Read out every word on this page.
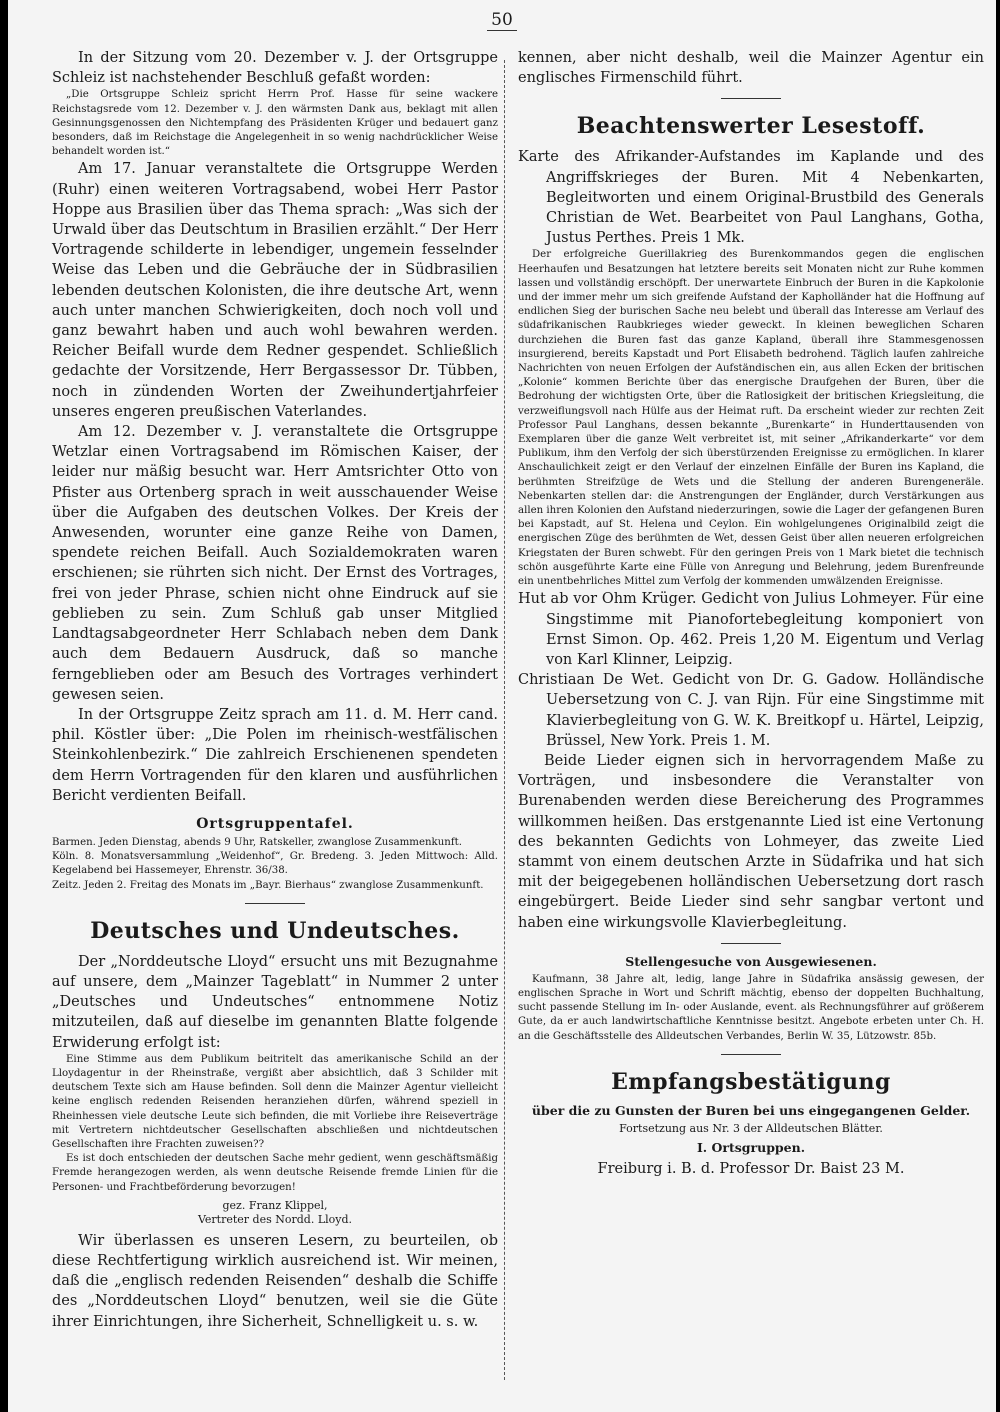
50

In der Sitzung vom 20. Dezember v. J. der Ortsgruppe Schleiz ist nachstehender Beschluß gefaßt worden:

„Die Ortsgruppe Schleiz spricht Herrn Prof. Hasse für seine wackere Reichstagsrede vom 12. Dezember v. J. den wärmsten Dank aus, beklagt mit allen Gesinnungsgenossen den Nichtempfang des Präsidenten Krüger und bedauert ganz besonders, daß im Reichstage die Angelegenheit in so wenig nachdrücklicher Weise behandelt worden ist.“

Am 17. Januar veranstaltete die Ortsgruppe Werden (Ruhr) einen weiteren Vortragsabend, wobei Herr Pastor Hoppe aus Brasilien über das Thema sprach: „Was sich der Urwald über das Deutschtum in Brasilien erzählt.“ Der Herr Vortragende schilderte in lebendiger, ungemein fesselnder Weise das Leben und die Gebräuche der in Südbrasilien lebenden deutschen Kolonisten, die ihre deutsche Art, wenn auch unter manchen Schwierigkeiten, doch noch voll und ganz bewahrt haben und auch wohl bewahren werden. Reicher Beifall wurde dem Redner gespendet. Schließlich gedachte der Vorsitzende, Herr Bergassessor Dr. Tübben, noch in zündenden Worten der Zweihundertjahrfeier unseres engeren preußischen Vaterlandes.

Am 12. Dezember v. J. veranstaltete die Ortsgruppe Wetzlar einen Vortragsabend im Römischen Kaiser, der leider nur mäßig besucht war. Herr Amtsrichter Otto von Pfister aus Ortenberg sprach in weit ausschauender Weise über die Aufgaben des deutschen Volkes. Der Kreis der Anwesenden, worunter eine ganze Reihe von Damen, spendete reichen Beifall. Auch Sozialdemokraten waren erschienen; sie rührten sich nicht. Der Ernst des Vortrages, frei von jeder Phrase, schien nicht ohne Eindruck auf sie geblieben zu sein. Zum Schluß gab unser Mitglied Landtagsabgeordneter Herr Schlabach neben dem Dank auch dem Bedauern Ausdruck, daß so manche ferngeblieben oder am Besuch des Vortrages verhindert gewesen seien.

In der Ortsgruppe Zeitz sprach am 11. d. M. Herr cand. phil. Köstler über: „Die Polen im rheinisch-westfälischen Steinkohlenbezirk.“ Die zahlreich Erschienenen spendeten dem Herrn Vortragenden für den klaren und ausführlichen Bericht verdienten Beifall.

Ortsgruppentafel.

Barmen. Jeden Dienstag, abends 9 Uhr, Ratskeller, zwanglose Zusammenkunft.

Köln. 8. Monatsversammlung „Weidenhof“, Gr. Bredeng. 3. Jeden Mittwoch: Alld. Kegelabend bei Hassemeyer, Ehrenstr. 36/38.

Zeitz. Jeden 2. Freitag des Monats im „Bayr. Bierhaus“ zwanglose Zusammenkunft.

Deutsches und Undeutsches.

Der „Norddeutsche Lloyd“ ersucht uns mit Bezugnahme auf unsere, dem „Mainzer Tageblatt“ in Nummer 2 unter „Deutsches und Undeutsches“ entnommene Notiz mitzuteilen, daß auf dieselbe im genannten Blatte folgende Erwiderung erfolgt ist:

Eine Stimme aus dem Publikum beitritelt das amerikanische Schild an der Lloydagentur in der Rheinstraße, vergißt aber absichtlich, daß 3 Schilder mit deutschem Texte sich am Hause befinden. Soll denn die Mainzer Agentur vielleicht keine englisch redenden Reisenden heranziehen dürfen, während speziell in Rheinhessen viele deutsche Leute sich befinden, die mit Vorliebe ihre Reiseverträge mit Vertretern nichtdeutscher Gesellschaften abschließen und nichtdeutschen Gesellschaften ihre Frachten zuweisen??

Es ist doch entschieden der deutschen Sache mehr gedient, wenn geschäftsmäßig Fremde herangezogen werden, als wenn deutsche Reisende fremde Linien für die Personen- und Frachtbeförderung bevorzugen!

gez. Franz Klippel,
Vertreter des Nordd. Lloyd.

Wir überlassen es unseren Lesern, zu beurteilen, ob diese Rechtfertigung wirklich ausreichend ist. Wir meinen, daß die „englisch redenden Reisenden“ deshalb die Schiffe des „Norddeutschen Lloyd“ benutzen, weil sie die Güte ihrer Einrichtungen, ihre Sicherheit, Schnelligkeit u. s. w.

kennen, aber nicht deshalb, weil die Mainzer Agentur ein englisches Firmenschild führt.

Beachtenswerter Lesestoff.

Karte des Afrikander-Aufstandes im Kaplande und des Angriffskrieges der Buren. Mit 4 Nebenkarten, Begleitworten und einem Original-Brustbild des Generals Christian de Wet. Bearbeitet von Paul Langhans, Gotha, Justus Perthes. Preis 1 Mk.

Der erfolgreiche Guerillakrieg des Burenkommandos gegen die englischen Heerhaufen und Besatzungen hat letztere bereits seit Monaten nicht zur Ruhe kommen lassen und vollständig erschöpft. Der unerwartete Einbruch der Buren in die Kapkolonie und der immer mehr um sich greifende Aufstand der Kapholländer hat die Hoffnung auf endlichen Sieg der burischen Sache neu belebt und überall das Interesse am Verlauf des südafrikanischen Raubkrieges wieder geweckt. In kleinen beweglichen Scharen durchziehen die Buren fast das ganze Kapland, überall ihre Stammesgenossen insurgierend, bereits Kapstadt und Port Elisabeth bedrohend. Täglich laufen zahlreiche Nachrichten von neuen Erfolgen der Aufständischen ein, aus allen Ecken der britischen „Kolonie“ kommen Berichte über das energische Draufgehen der Buren, über die Bedrohung der wichtigsten Orte, über die Ratlosigkeit der britischen Kriegsleitung, die verzweiflungsvoll nach Hülfe aus der Heimat ruft. Da erscheint wieder zur rechten Zeit Professor Paul Langhans, dessen bekannte „Burenkarte“ in Hunderttausenden von Exemplaren über die ganze Welt verbreitet ist, mit seiner „Afrikanderkarte“ vor dem Publikum, ihm den Verfolg der sich überstürzenden Ereignisse zu ermöglichen. In klarer Anschaulichkeit zeigt er den Verlauf der einzelnen Einfälle der Buren ins Kapland, die berühmten Streifzüge de Wets und die Stellung der anderen Burengeneräle. Nebenkarten stellen dar: die Anstrengungen der Engländer, durch Verstärkungen aus allen ihren Kolonien den Aufstand niederzuringen, sowie die Lager der gefangenen Buren bei Kapstadt, auf St. Helena und Ceylon. Ein wohlgelungenes Originalbild zeigt die energischen Züge des berühmten de Wet, dessen Geist über allen neueren erfolgreichen Kriegstaten der Buren schwebt. Für den geringen Preis von 1 Mark bietet die technisch schön ausgeführte Karte eine Fülle von Anregung und Belehrung, jedem Burenfreunde ein unentbehrliches Mittel zum Verfolg der kommenden umwälzenden Ereignisse.

Hut ab vor Ohm Krüger. Gedicht von Julius Lohmeyer. Für eine Singstimme mit Pianofortebegleitung komponiert von Ernst Simon. Op. 462. Preis 1,20 M. Eigentum und Verlag von Karl Klinner, Leipzig.

Christiaan De Wet. Gedicht von Dr. G. Gadow. Holländische Uebersetzung von C. J. van Rijn. Für eine Singstimme mit Klavierbegleitung von G. W. K. Breitkopf u. Härtel, Leipzig, Brüssel, New York. Preis 1. M.

Beide Lieder eignen sich in hervorragendem Maße zu Vorträgen, und insbesondere die Veranstalter von Burenabenden werden diese Bereicherung des Programmes willkommen heißen. Das erstgenannte Lied ist eine Vertonung des bekannten Gedichts von Lohmeyer, das zweite Lied stammt von einem deutschen Arzte in Südafrika und hat sich mit der beigegebenen holländischen Uebersetzung dort rasch eingebürgert. Beide Lieder sind sehr sangbar vertont und haben eine wirkungsvolle Klavierbegleitung.

Stellengesuche von Ausgewiesenen.

Kaufmann, 38 Jahre alt, ledig, lange Jahre in Südafrika ansässig gewesen, der englischen Sprache in Wort und Schrift mächtig, ebenso der doppelten Buchhaltung, sucht passende Stellung im In- oder Auslande, event. als Rechnungsführer auf größerem Gute, da er auch landwirtschaftliche Kenntnisse besitzt. Angebote erbeten unter Ch. H. an die Geschäftsstelle des Alldeutschen Verbandes, Berlin W. 35, Lützowstr. 85b.

Empfangsbestätigung
über die zu Gunsten der Buren bei uns eingegangenen Gelder.
Fortsetzung aus Nr. 3 der Alldeutschen Blätter.
I. Ortsgruppen.

Freiburg i. B. d. Professor Dr. Baist 23 M.
